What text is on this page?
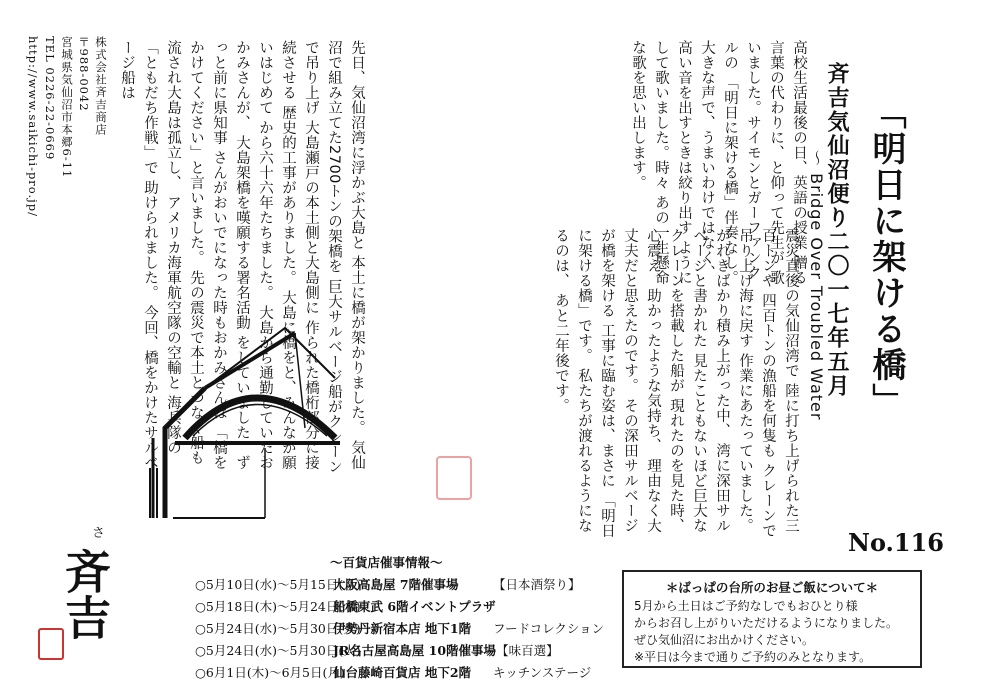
斉吉気仙沼便り二〇一七年五月 「明日に架ける橋」
～ Bridge Over Troubled Water
No.116
高校生活最後の日、英語の授業 贈る言葉の代わりに、と仰って先生が 歌いました。サイモンとガーファンクルの 「明日に架ける橋」伴奏なし。 大きな声で、うまいわけではなく、 高い音を出すときは絞り出す ようにして歌いました。時々 あの一生懸命な歌を思い出します。
震災直後の気仙沼湾で 陸に打ち上げられた三百トンや 四百トンの漁船を何隻も クレーンで吊り上げ海に戻す 作業にあたっていました。 がれきばかり積み上がった中、 湾に深田サルベージと書かれた 見たこともないほど巨大な クレーンを搭載した船が 現れたのを見た時、 心震え、助かったような気持ち、 理由なく大丈夫だと思えたのです。 その深田サルベージが橋を架ける 工事に臨む姿は、まさに 「明日に架ける橋」です。 私たちが渡れるようになるのは、 あと二年後です。
先日、気仙沼湾に浮かぶ大島と 本土に橋が架かりました。 気仙沼で組み立てた2700トンの架橋を 巨大サルベージ船がクレーンで吊り上げ 大島瀬戸の本土側と大島側に 作られた橋桁部分に接続させる 歴史的工事がありました。 大島に橋をと、みんなが願いはじめて から六十六年たちました。 大島から通勤していたおかみさんが、 大島架橋を嘆願する署名活動 をしていました。ずっと前に県知事 さんがおいでになった時もおかみさんは 「橋をかけてください」と言いました。 先の震災で本土とつなぐ船も 流され大島は孤立し、 アメリカ海軍航空隊の空輸と 海兵隊の「ともだち作戦」で 助けられました。 今回、橋をかけたサルベージ船は
株式会社斉吉商店
〒988-0042
宮城県気仙沼市本郷6-11
TEL 0226-22-0669
http://www.saikichi-pro.jp/
斉吉
さ
～百貨店催事情報～
○5月10日(水)～5月15日(月)大阪高島屋 7階催事場	【日本酒祭り】
○5月18日(木)～5月24日(水)船橋東武 6階イベントプラザ
○5月24日(水)～5月30日(火)伊勢丹新宿本店 地下1階 フードコレクション
○5月24日(水)～5月30日(火)JR名古屋高島屋 10階催事場【味百選】
○6月1日(木)～6月5日(月)仙台藤崎百貨店 地下2階 キッチンステージ
＊ばっぱの台所のお昼ご飯について＊
5月から土日はご予約なしでもおひとり様
からお召し上がりいただけるようになりました。
ぜひ気仙沼にお出かけください。
※平日は今まで通りご予約のみとなります。
